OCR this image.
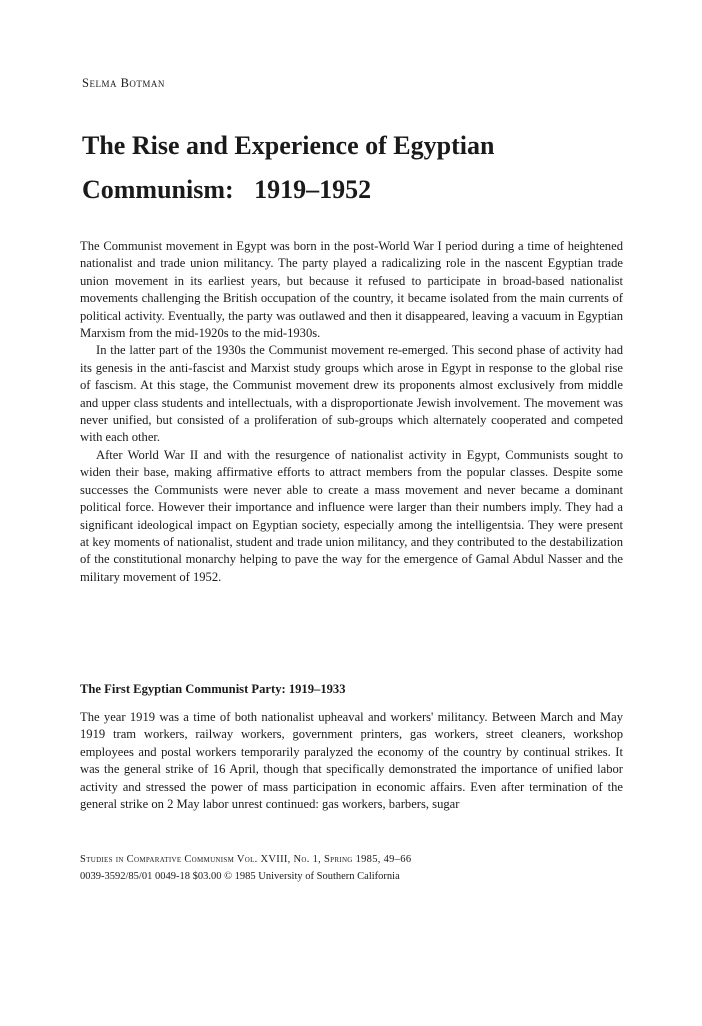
Selma Botman
The Rise and Experience of Egyptian
Communism: 1919–1952

The Communist movement in Egypt was born in the post-World War I period during a time of heightened nationalist and trade union militancy. The party played a radicalizing role in the nascent Egyptian trade union movement in its earliest years, but because it refused to participate in broad-based nationalist movements challenging the British occupation of the country, it became isolated from the main currents of political activity. Eventually, the party was outlawed and then it disappeared, leaving a vacuum in Egyptian Marxism from the mid-1920s to the mid-1930s.

In the latter part of the 1930s the Communist movement re-emerged. This second phase of activity had its genesis in the anti-fascist and Marxist study groups which arose in Egypt in response to the global rise of fascism. At this stage, the Communist movement drew its proponents almost exclusively from middle and upper class students and intellectuals, with a disproportionate Jewish involvement. The movement was never unified, but consisted of a proliferation of sub-groups which alternately cooperated and competed with each other.

After World War II and with the resurgence of nationalist activity in Egypt, Communists sought to widen their base, making affirmative efforts to attract members from the popular classes. Despite some successes the Communists were never able to create a mass movement and never became a dominant political force. However their importance and influence were larger than their numbers imply. They had a significant ideological impact on Egyptian society, especially among the intelligentsia. They were present at key moments of nationalist, student and trade union militancy, and they contributed to the destabilization of the constitutional monarchy helping to pave the way for the emergence of Gamal Abdul Nasser and the military movement of 1952.

The First Egyptian Communist Party: 1919–1933

The year 1919 was a time of both nationalist upheaval and workers' militancy. Between March and May 1919 tram workers, railway workers, government printers, gas workers, street cleaners, workshop employees and postal workers temporarily paralyzed the economy of the country by continual strikes. It was the general strike of 16 April, though that specifically demonstrated the importance of unified labor activity and stressed the power of mass participation in economic affairs. Even after termination of the general strike on 2 May labor unrest continued: gas workers, barbers, sugar

Studies in Comparative Communism Vol. XVIII, No. 1, Spring 1985, 49–66
0039-3592/85/01 0049-18 $03.00 © 1985 University of Southern California
